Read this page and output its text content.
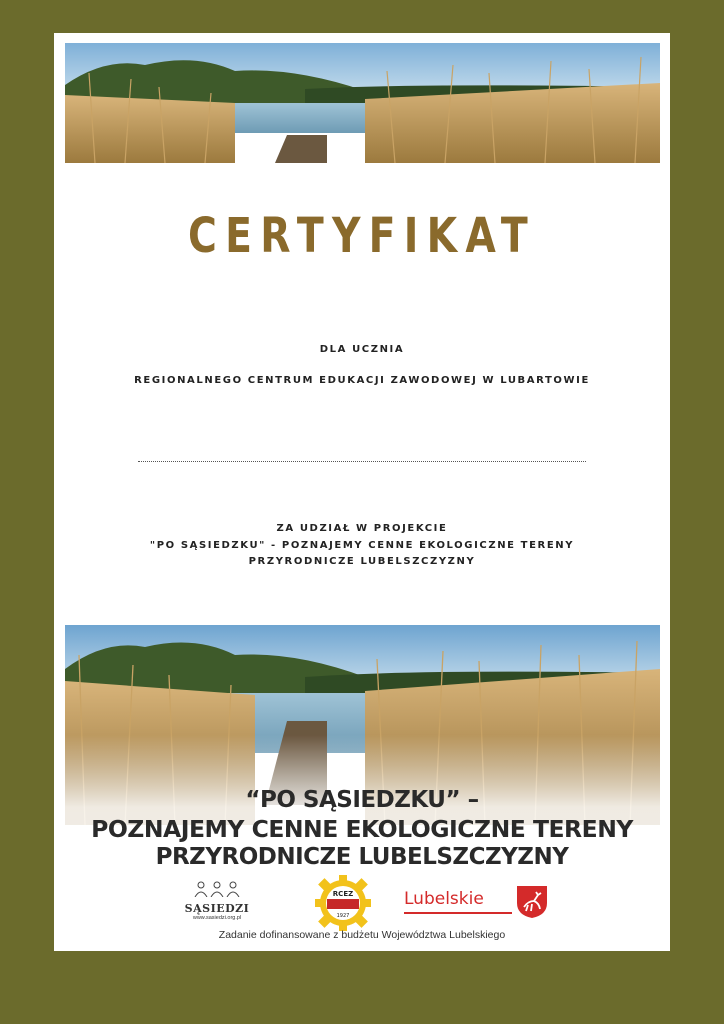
CERTYFIKAT
DLA UCZNIA
REGIONALNEGO CENTRUM EDUKACJI ZAWODOWEJ W LUBARTOWIE
ZA UDZIAŁ W PROJEKCIE
"PO SĄSIEDZKU" - POZNAJEMY CENNE EKOLOGICZNE TERENY
PRZYRODNICZE LUBELSZCZYZNY
“PO SĄSIEDZKU” –
POZNAJEMY CENNE EKOLOGICZNE TERENY
PRZYRODNICZE LUBELSZCZYZNY
SĄSIEDZI
www.sasiedzi.org.pl
RCEZ
1927
Lubelskie
Zadanie dofinansowane z budżetu Województwa Lubelskiego
